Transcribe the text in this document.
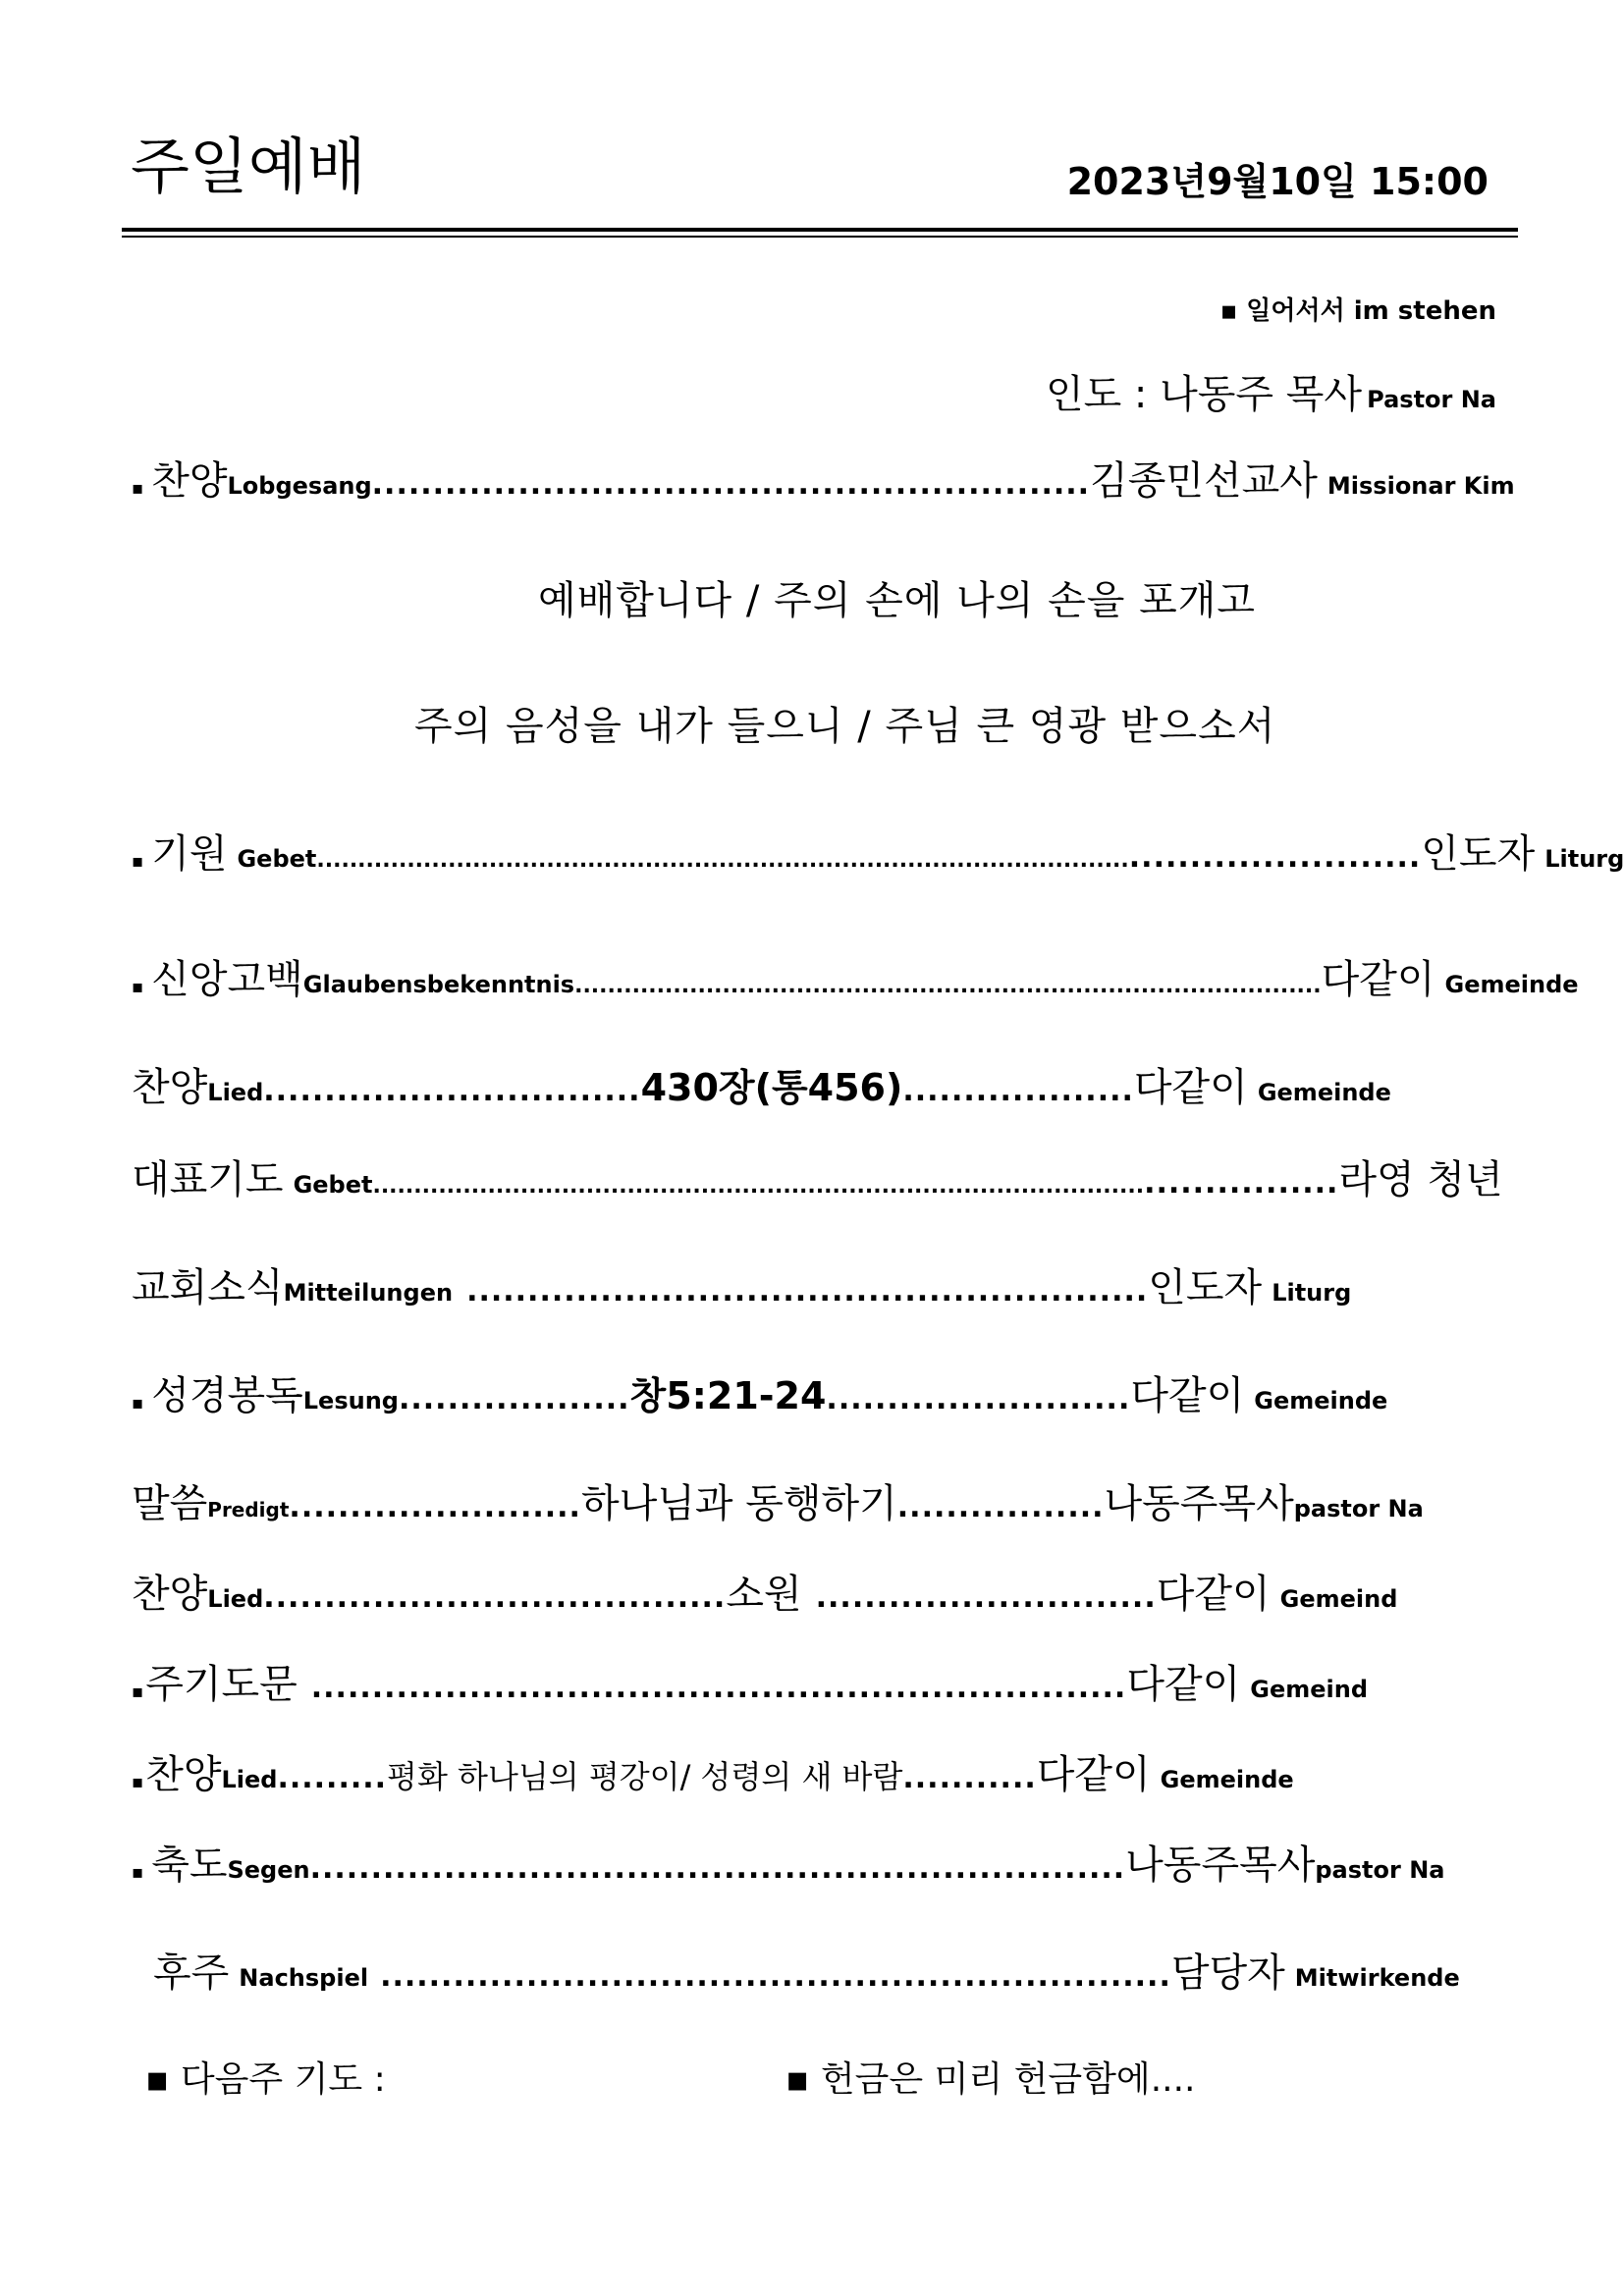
주일예배	2023년9월10일 15:00
▪ 일어서서 im stehen
인도 : 나동주 목사 Pastor Na
▪ 찬양 Lobgesang ........................................................... 김종민선교사 Missionar Kim
예배합니다 / 주의 손에 나의 손을 포개고
주의 음성을 내가 들으니 / 주님 큰 영광 받으소서
▪ 기원 Gebet ................................................................................................... ........................ 인도자 Liturg
▪ 신앙고백 Glaubensbekenntnis ........................................................................................... 다같이 Gemeinde
찬양 Lied ............................... 430장(통456) ................... 다같이 Gemeinde
대표기도 Gebet .............................................................................................. ................ 라영 청년
교회소식 Mitteilungen ........................................................ 인도자 Liturg
▪ 성경봉독 Lesung ................... 창5:21-24 ......................... 다같이 Gemeinde
말씀 Predigt ........................ 하나님과 동행하기 ................. 나동주목사 pastor Na
찬양 Lied ...................................... 소원 ............................ 다같이 Gemeind
▪ 주기도문 ................................................................... 다같이 Gemeind
▪ 찬양 Lied ......... 평화 하나님의 평강이/ 성령의 새 바람 ........... 다같이 Gemeinde
▪ 축도 Segen ................................................................... 나동주목사 pastor Na
후주 Nachspiel ................................................................. 담당자 Mitwirkende
▪ 다음주 기도 :	▪ 헌금은 미리 헌금함에....
